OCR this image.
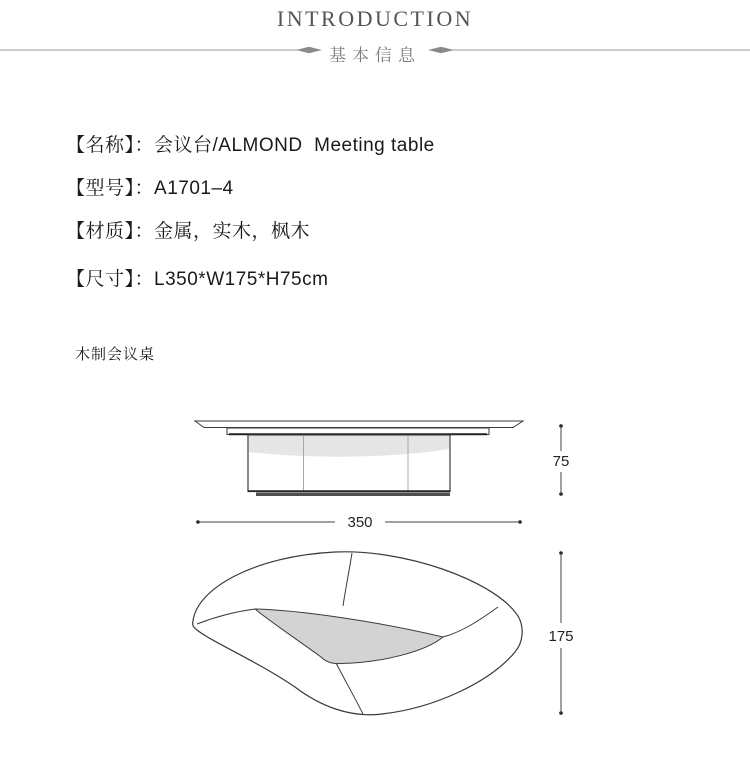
INTRODUCTION
基本信息
【名称】：会议台/ALMOND  Meeting table
【型号】：A1701–4
【材质】：金属，实木，枫木
【尺寸】：L350*W175*H75cm
木制会议桌
75
350
175
